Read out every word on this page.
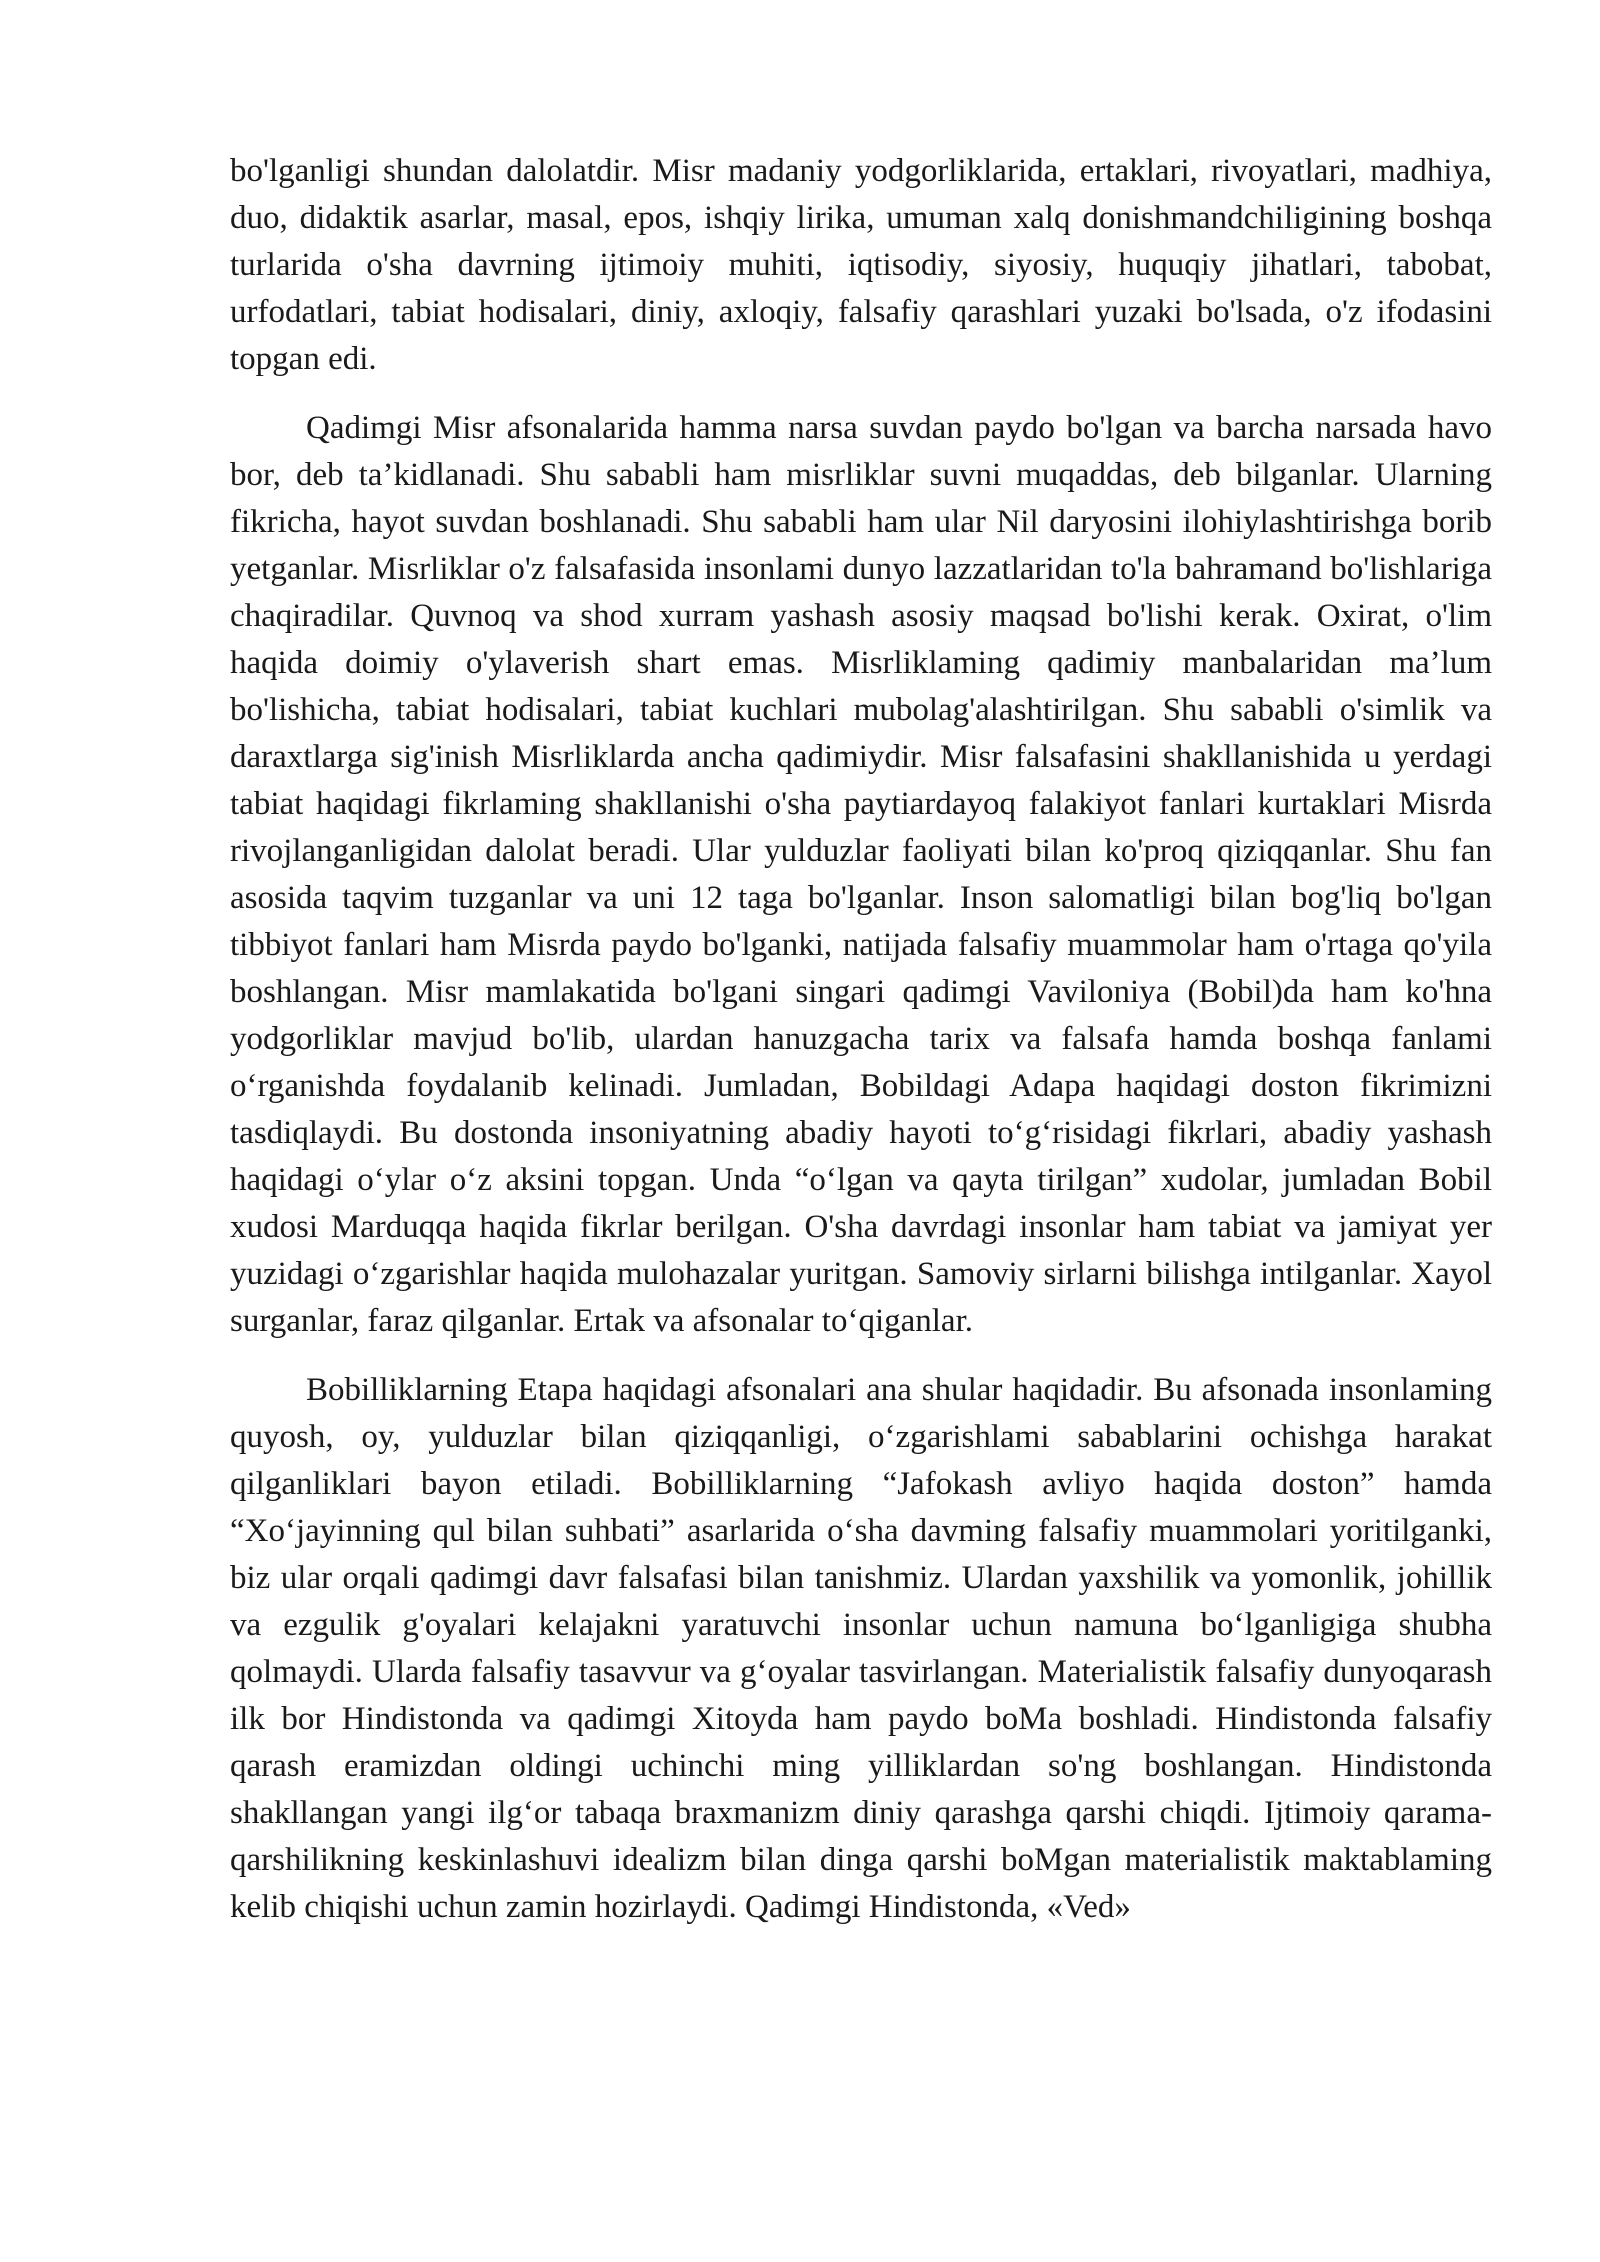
bo'lganligi shundan dalolatdir. Misr madaniy yodgorliklarida, ertaklari, rivoyatlari, madhiya, duo, didaktik asarlar, masal, epos, ishqiy lirika, umuman xalq donishmandchiligining boshqa turlarida o'sha davrning ijtimoiy muhiti, iqtisodiy, siyosiy, huquqiy jihatlari, tabobat, urfodatlari, tabiat hodisalari, diniy, axloqiy, falsafiy qarashlari yuzaki bo'lsada, o'z ifodasini topgan edi.

Qadimgi Misr afsonalarida hamma narsa suvdan paydo bo'lgan va barcha narsada havo bor, deb ta’kidlanadi. Shu sababli ham misrliklar suvni muqaddas, deb bilganlar. Ularning fikricha, hayot suvdan boshlanadi. Shu sababli ham ular Nil daryosini ilohiylashtirishga borib yetganlar. Misrliklar o'z falsafasida insonlami dunyo lazzatlaridan to'la bahramand bo'lishlariga chaqiradilar. Quvnoq va shod xurram yashash asosiy maqsad bo'lishi kerak. Oxirat, o'lim haqida doimiy o'ylaverish shart emas. Misrliklaming qadimiy manbalaridan ma’lum bo'lishicha, tabiat hodisalari, tabiat kuchlari mubolag'alashtirilgan. Shu sababli o'simlik va daraxtlarga sig'inish Misrliklarda ancha qadimiydir. Misr falsafasini shakllanishida u yerdagi tabiat haqidagi fikrlaming shakllanishi o'sha paytiardayoq falakiyot fanlari kurtaklari Misrda rivojlanganligidan dalolat beradi. Ular yulduzlar faoliyati bilan ko'proq qiziqqanlar. Shu fan asosida taqvim tuzganlar va uni 12 taga bo'lganlar. Inson salomatligi bilan bog'liq bo'lgan tibbiyot fanlari ham Misrda paydo bo'lganki, natijada falsafiy muammolar ham o'rtaga qo'yila boshlangan. Misr mamlakatida bo'lgani singari qadimgi Vaviloniya (Bobil)da ham ko'hna yodgorliklar mavjud bo'lib, ulardan hanuzgacha tarix va falsafa hamda boshqa fanlami o‘rganishda foydalanib kelinadi. Jumladan, Bobildagi Adapa haqidagi doston fikrimizni tasdiqlaydi. Bu dostonda insoniyatning abadiy hayoti to‘g‘risidagi fikrlari, abadiy yashash haqidagi o‘ylar o‘z aksini topgan. Unda “o‘lgan va qayta tirilgan” xudolar, jumladan Bobil xudosi Marduqqa haqida fikrlar berilgan. O'sha davrdagi insonlar ham tabiat va jamiyat yer yuzidagi o‘zgarishlar haqida mulohazalar yuritgan. Samoviy sirlarni bilishga intilganlar. Xayol surganlar, faraz qilganlar. Ertak va afsonalar to‘qiganlar.

Bobilliklarning Etapa haqidagi afsonalari ana shular haqidadir. Bu afsonada insonlaming quyosh, oy, yulduzlar bilan qiziqqanligi, o‘zgarishlami sabablarini ochishga harakat qilganliklari bayon etiladi. Bobilliklarning “Jafokash avliyo haqida doston” hamda “Xo‘jayinning qul bilan suhbati” asarlarida o‘sha davming falsafiy muammolari yoritilganki, biz ular orqali qadimgi davr falsafasi bilan tanishmiz. Ulardan yaxshilik va yomonlik, johillik va ezgulik g'oyalari kelajakni yaratuvchi insonlar uchun namuna bo‘lganligiga shubha qolmaydi. Ularda falsafiy tasavvur va g‘oyalar tasvirlangan. Materialistik falsafiy dunyoqarash ilk bor Hindistonda va qadimgi Xitoyda ham paydo boMa boshladi. Hindistonda falsafiy qarash eramizdan oldingi uchinchi ming yilliklardan so'ng boshlangan. Hindistonda shakllangan yangi ilg‘or tabaqa braxmanizm diniy qarashga qarshi chiqdi. Ijtimoiy qarama-qarshilikning keskinlashuvi idealizm bilan dinga qarshi boMgan materialistik maktablaming kelib chiqishi uchun zamin hozirlaydi. Qadimgi Hindistonda, «Ved»
